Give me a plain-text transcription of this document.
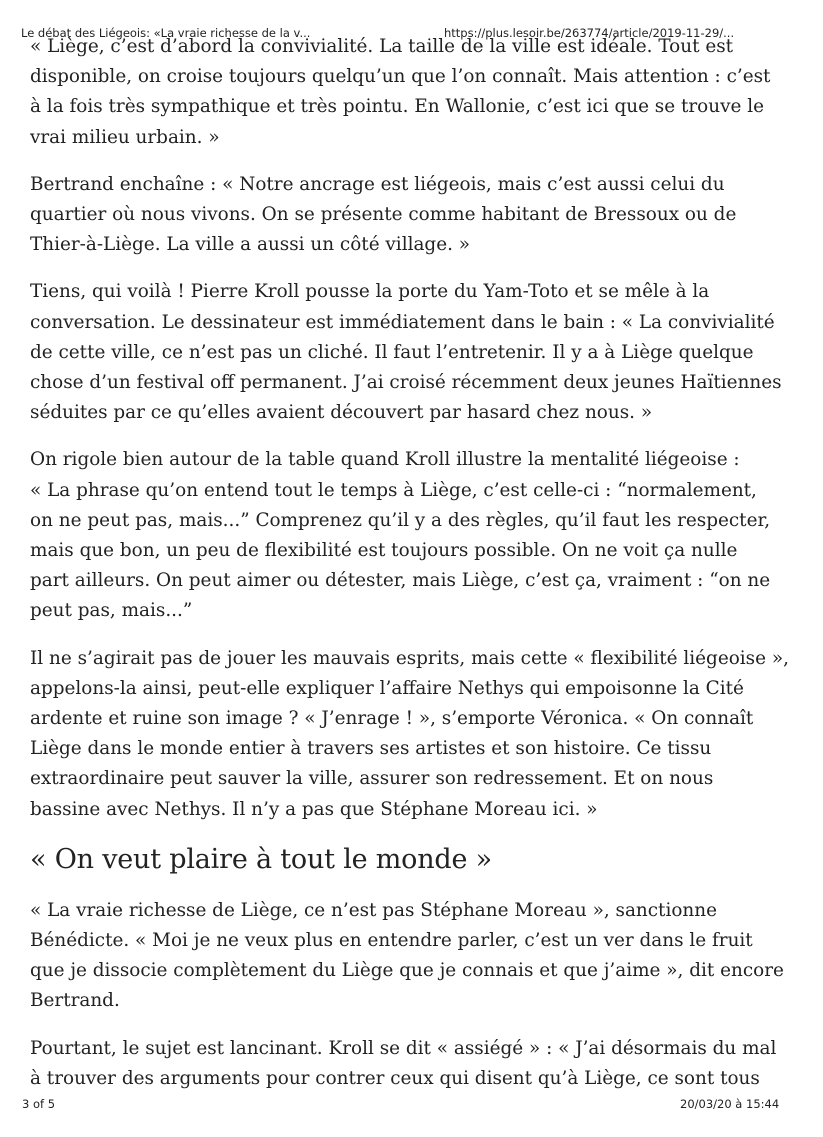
Le débat des Liégeois: «La vraie richesse de la v...	https://plus.lesoir.be/263774/article/2019-11-29/...

« Liège, c’est d’abord la convivialité. La taille de la ville est idéale. Tout est
disponible, on croise toujours quelqu’un que l’on connaît. Mais attention : c’est
à la fois très sympathique et très pointu. En Wallonie, c’est ici que se trouve le
vrai milieu urbain. »

Bertrand enchaîne : « Notre ancrage est liégeois, mais c’est aussi celui du
quartier où nous vivons. On se présente comme habitant de Bressoux ou de
Thier-à-Liège. La ville a aussi un côté village. »

Tiens, qui voilà ! Pierre Kroll pousse la porte du Yam-Toto et se mêle à la
conversation. Le dessinateur est immédiatement dans le bain : « La convivialité
de cette ville, ce n’est pas un cliché. Il faut l’entretenir. Il y a à Liège quelque
chose d’un festival off permanent. J’ai croisé récemment deux jeunes Haïtiennes
séduites par ce qu’elles avaient découvert par hasard chez nous. »

On rigole bien autour de la table quand Kroll illustre la mentalité liégeoise :
« La phrase qu’on entend tout le temps à Liège, c’est celle-ci : “normalement,
on ne peut pas, mais...” Comprenez qu’il y a des règles, qu’il faut les respecter,
mais que bon, un peu de flexibilité est toujours possible. On ne voit ça nulle
part ailleurs. On peut aimer ou détester, mais Liège, c’est ça, vraiment : “on ne
peut pas, mais...”

Il ne s’agirait pas de jouer les mauvais esprits, mais cette « flexibilité liégeoise »,
appelons-la ainsi, peut-elle expliquer l’affaire Nethys qui empoisonne la Cité
ardente et ruine son image ? « J’enrage ! », s’emporte Véronica. « On connaît
Liège dans le monde entier à travers ses artistes et son histoire. Ce tissu
extraordinaire peut sauver la ville, assurer son redressement. Et on nous
bassine avec Nethys. Il n’y a pas que Stéphane Moreau ici. »

« On veut plaire à tout le monde »

« La vraie richesse de Liège, ce n’est pas Stéphane Moreau », sanctionne
Bénédicte. « Moi je ne veux plus en entendre parler, c’est un ver dans le fruit
que je dissocie complètement du Liège que je connais et que j’aime », dit encore
Bertrand.

Pourtant, le sujet est lancinant. Kroll se dit « assiégé » : « J’ai désormais du mal
à trouver des arguments pour contrer ceux qui disent qu’à Liège, ce sont tous

3 of 5	20/03/20 à 15:44
